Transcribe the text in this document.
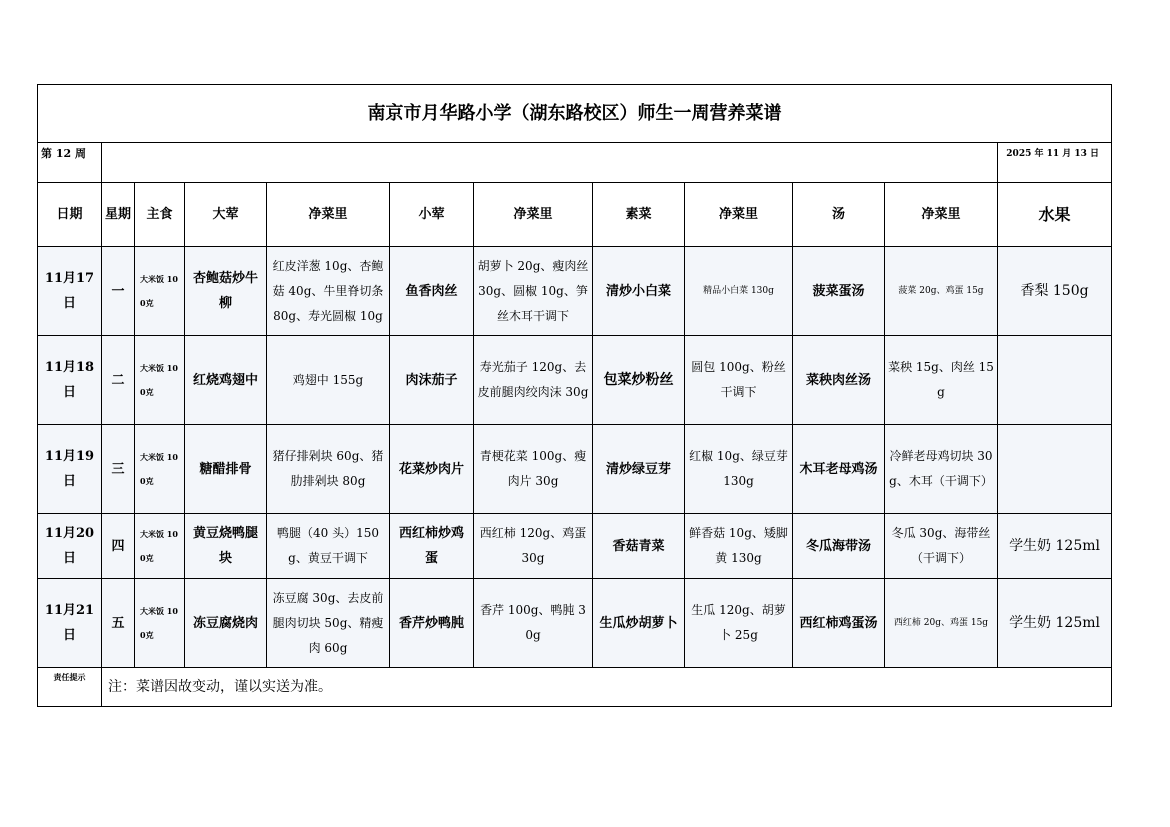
南京市月华路小学（湖东路校区）师生一周营养菜谱											
第 12 周											2025 年 11 月 13 日
日期	星期	主食	大荤	净菜里	小荤	净菜里	素菜	净菜里	汤	净菜里	水果
11月17日	一	大米饭 100克	杏鲍菇炒牛柳	红皮洋葱 10g、杏鲍菇 40g、牛里脊切条 80g、寿光圆椒 10g	鱼香肉丝	胡萝卜 20g、瘦肉丝 30g、圆椒 10g、笋丝木耳干调下	清炒小白菜	精品小白菜 130g	菠菜蛋汤	菠菜 20g、鸡蛋 15g	香梨 150g
11月18日	二	大米饭 100克	红烧鸡翅中	鸡翅中 155g	肉沫茄子	寿光茄子 120g、去皮前腿肉绞肉沫 30g	包菜炒粉丝	圆包 100g、粉丝干调下	菜秧肉丝汤	菜秧 15g、肉丝 15g	
11月19日	三	大米饭 100克	糖醋排骨	猪仔排剁块 60g、猪肋排剁块 80g	花菜炒肉片	青梗花菜 100g、瘦肉片 30g	清炒绿豆芽	红椒 10g、绿豆芽 130g	木耳老母鸡汤	冷鲜老母鸡切块 30g、木耳（干调下）	
11月20日	四	大米饭 100克	黄豆烧鸭腿块	鸭腿（40 头）150g、黄豆干调下	西红柿炒鸡蛋	西红柿 120g、鸡蛋 30g	香菇青菜	鲜香菇 10g、矮脚黄 130g	冬瓜海带汤	冬瓜 30g、海带丝（干调下）	学生奶 125ml
11月21日	五	大米饭 100克	冻豆腐烧肉	冻豆腐 30g、去皮前腿肉切块 50g、精瘦肉 60g	香芹炒鸭肫	香芹 100g、鸭肫 30g	生瓜炒胡萝卜	生瓜 120g、胡萝卜 25g	西红柿鸡蛋汤	西红柿 20g、鸡蛋 15g	学生奶 125ml
责任提示	注：菜谱因故变动，谨以实送为准。										
